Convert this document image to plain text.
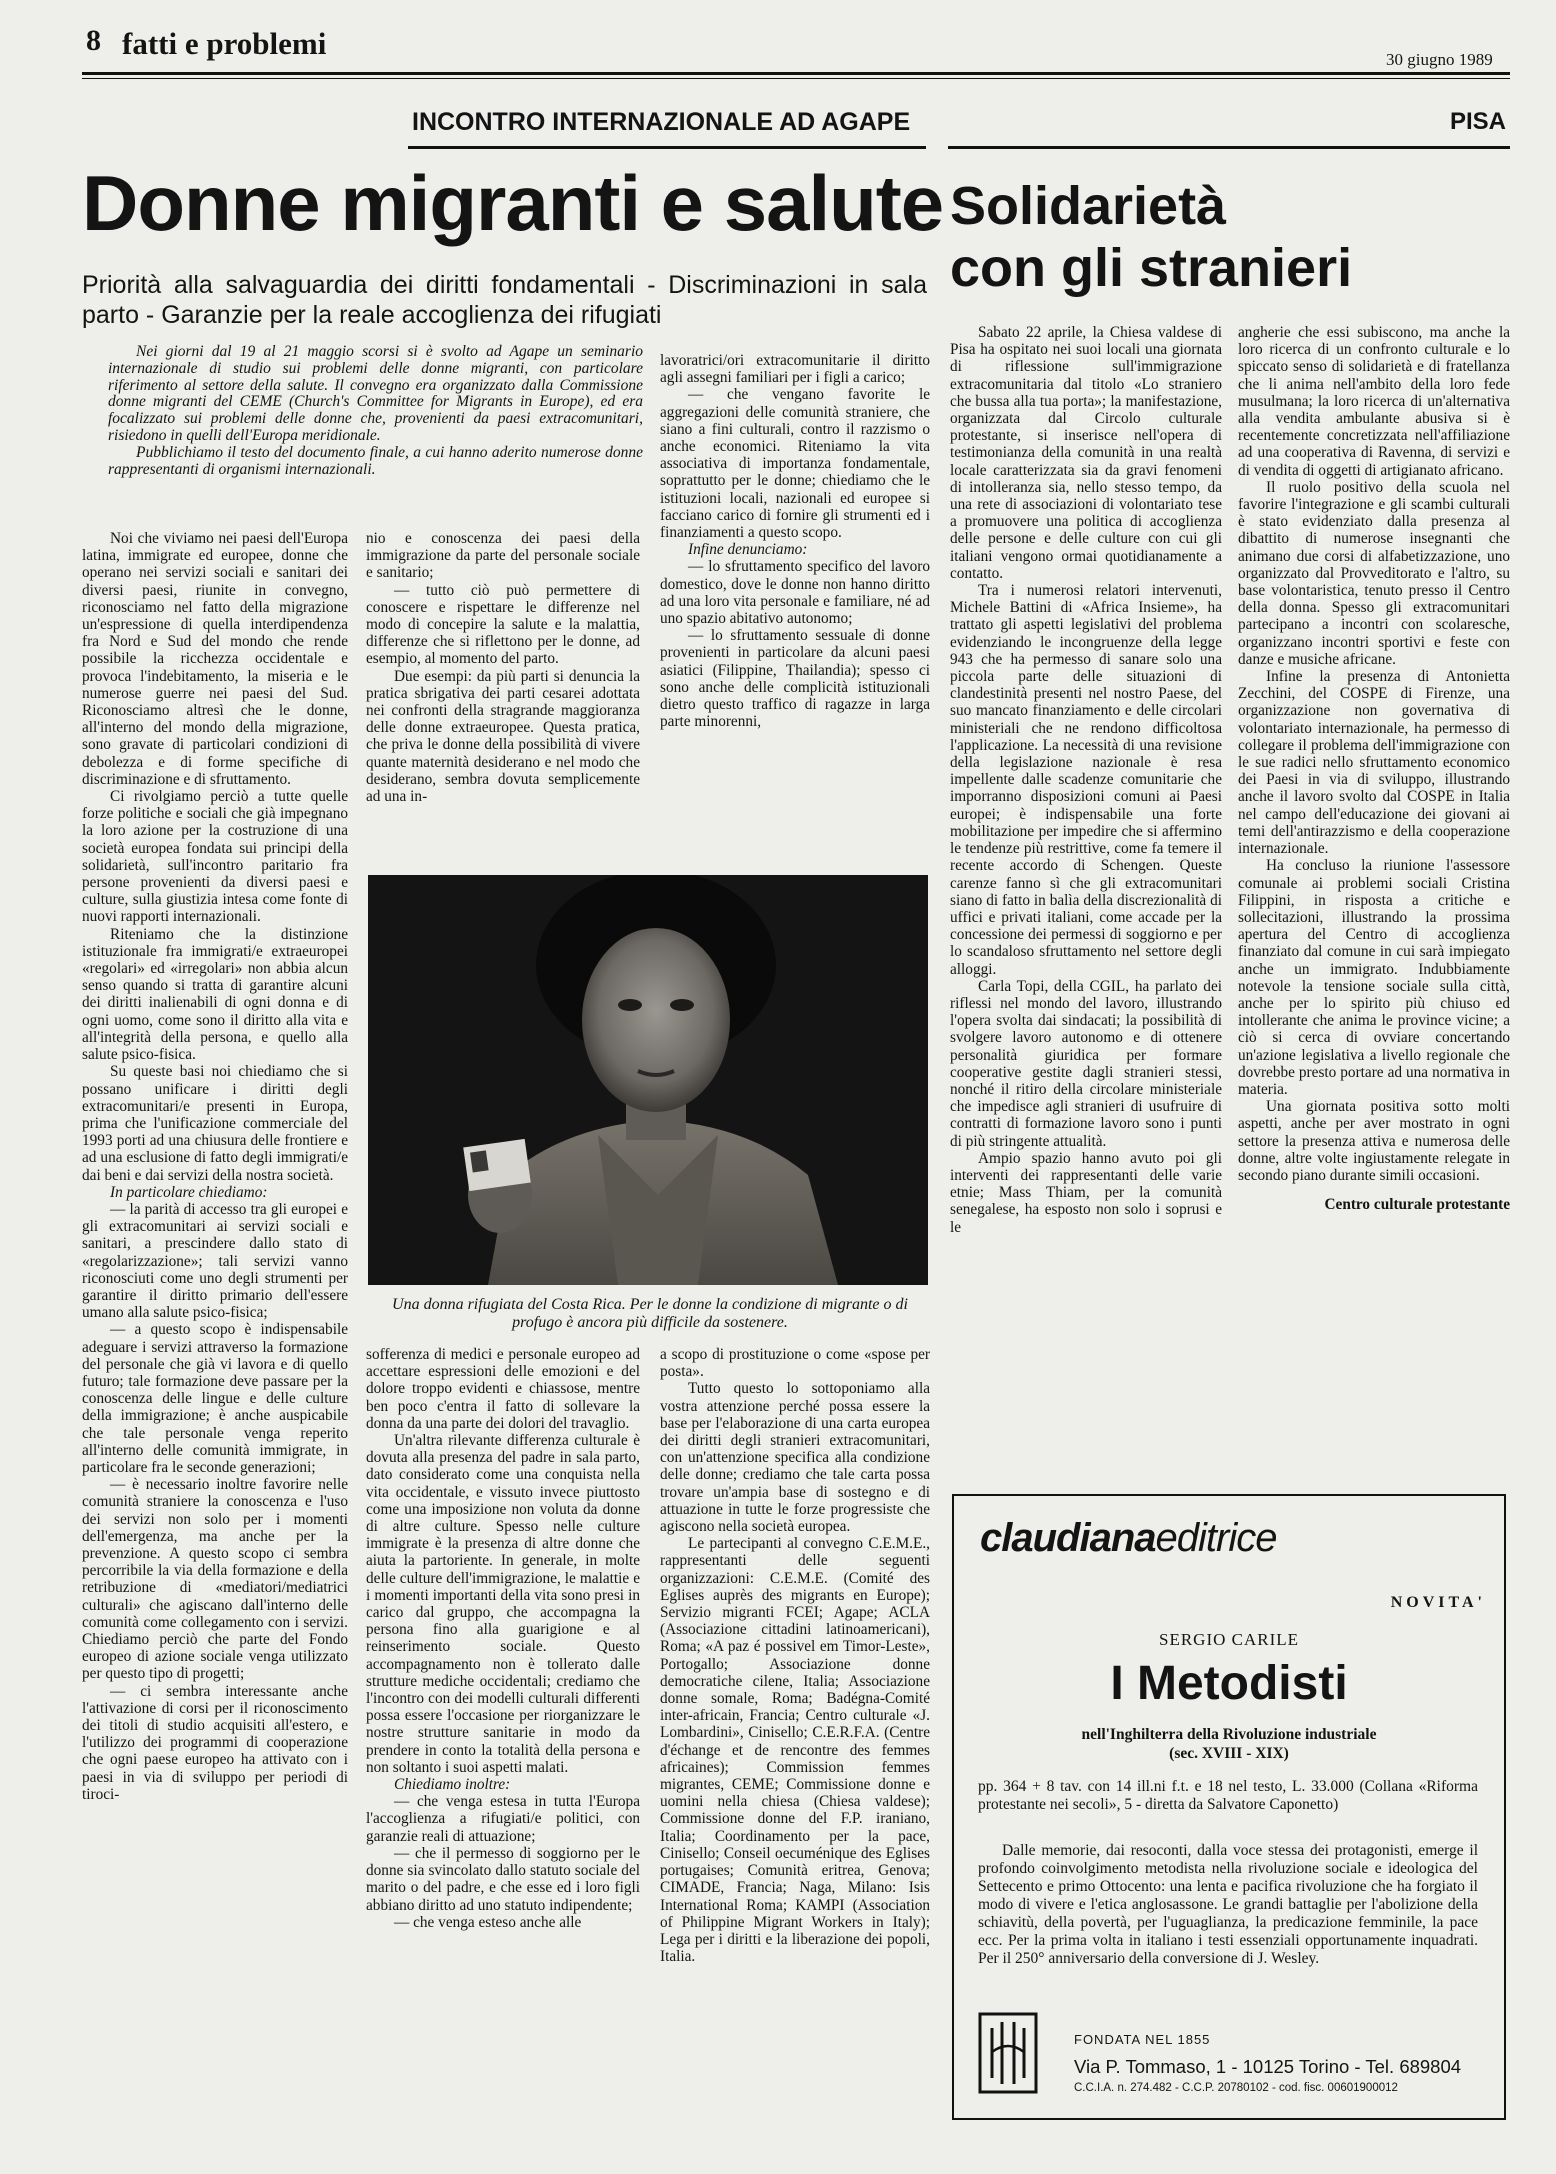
8 fatti e problemi	30 giugno 1989
INCONTRO INTERNAZIONALE AD AGAPE
Donne migranti e salute
Priorità alla salvaguardia dei diritti fondamentali - Discriminazioni in sala parto - Garanzie per la reale accoglienza dei rifugiati

Nei giorni dal 19 al 21 maggio scorsi si è svolto ad Agape un seminario internazionale di studio sui problemi delle donne migranti, con particolare riferimento al settore della salute. Il convegno era organizzato dalla Commissione donne migranti del CEME (Church's Committee for Migrants in Europe), ed era focalizzato sui problemi delle donne che, provenienti da paesi extracomunitari, risiedono in quelli dell'Europa meridionale.

Pubblichiamo il testo del documento finale, a cui hanno aderito numerose donne rappresentanti di organismi internazionali.

Noi che viviamo nei paesi dell'Europa latina, immigrate ed europee, donne che operano nei servizi sociali e sanitari dei diversi paesi, riunite in convegno, riconosciamo nel fatto della migrazione un'espressione di quella interdipendenza fra Nord e Sud del mondo che rende possibile la ricchezza occidentale e provoca l'indebitamento, la miseria e le numerose guerre nei paesi del Sud. Riconosciamo altresì che le donne, all'interno del mondo della migrazione, sono gravate di particolari condizioni di debolezza e di forme specifiche di discriminazione e di sfruttamento.

Ci rivolgiamo perciò a tutte quelle forze politiche e sociali che già impegnano la loro azione per la costruzione di una società europea fondata sui principi della solidarietà, sull'incontro paritario fra persone provenienti da diversi paesi e culture, sulla giustizia intesa come fonte di nuovi rapporti internazionali.

Riteniamo che la distinzione istituzionale fra immigrati/e extraeuropei «regolari» ed «irregolari» non abbia alcun senso quando si tratta di garantire alcuni dei diritti inalienabili di ogni donna e di ogni uomo, come sono il diritto alla vita e all'integrità della persona, e quello alla salute psico-fisica.

Su queste basi noi chiediamo che si possano unificare i diritti degli extracomunitari/e presenti in Europa, prima che l'unificazione commerciale del 1993 porti ad una chiusura delle frontiere e ad una esclusione di fatto degli immigrati/e dai beni e dai servizi della nostra società.

In particolare chiediamo:

— la parità di accesso tra gli europei e gli extracomunitari ai servizi sociali e sanitari, a prescindere dallo stato di «regolarizzazione»; tali servizi vanno riconosciuti come uno degli strumenti per garantire il diritto primario dell'essere umano alla salute psico-fisica;

— a questo scopo è indispensabile adeguare i servizi attraverso la formazione del personale che già vi lavora e di quello futuro; tale formazione deve passare per la conoscenza delle lingue e delle culture della immigrazione; è anche auspicabile che tale personale venga reperito all'interno delle comunità immigrate, in particolare fra le seconde generazioni;

— è necessario inoltre favorire nelle comunità straniere la conoscenza e l'uso dei servizi non solo per i momenti dell'emergenza, ma anche per la prevenzione. A questo scopo ci sembra percorribile la via della formazione e della retribuzione di «mediatori/mediatrici culturali» che agiscano dall'interno delle comunità come collegamento con i servizi. Chiediamo perciò che parte del Fondo europeo di azione sociale venga utilizzato per questo tipo di progetti;

— ci sembra interessante anche l'attivazione di corsi per il riconoscimento dei titoli di studio acquisiti all'estero, e l'utilizzo dei programmi di cooperazione che ogni paese europeo ha attivato con i paesi in via di sviluppo per periodi di tiroci-

nio e conoscenza dei paesi della immigrazione da parte del personale sociale e sanitario;

— tutto ciò può permettere di conoscere e rispettare le differenze nel modo di concepire la salute e la malattia, differenze che si riflettono per le donne, ad esempio, al momento del parto.

Due esempi: da più parti si denuncia la pratica sbrigativa dei parti cesarei adottata nei confronti della stragrande maggioranza delle donne extraeuropee. Questa pratica, che priva le donne della possibilità di vivere quante maternità desiderano e nel modo che desiderano, sembra dovuta semplicemente ad una in-

lavoratrici/ori extracomunitarie il diritto agli assegni familiari per i figli a carico;

— che vengano favorite le aggregazioni delle comunità straniere, che siano a fini culturali, contro il razzismo o anche economici. Riteniamo la vita associativa di importanza fondamentale, soprattutto per le donne; chiediamo che le istituzioni locali, nazionali ed europee si facciano carico di fornire gli strumenti ed i finanziamenti a questo scopo.

Infine denunciamo:

— lo sfruttamento specifico del lavoro domestico, dove le donne non hanno diritto ad una loro vita personale e familiare, né ad uno spazio abitativo autonomo;

— lo sfruttamento sessuale di donne provenienti in particolare da alcuni paesi asiatici (Filippine, Thailandia); spesso ci sono anche delle complicità istituzionali dietro questo traffico di ragazze in larga parte minorenni,

Una donna rifugiata del Costa Rica. Per le donne la condizione di migrante o di profugo è ancora più difficile da sostenere.

sofferenza di medici e personale europeo ad accettare espressioni delle emozioni e del dolore troppo evidenti e chiassose, mentre ben poco c'entra il fatto di sollevare la donna da una parte dei dolori del travaglio.

Un'altra rilevante differenza culturale è dovuta alla presenza del padre in sala parto, dato considerato come una conquista nella vita occidentale, e vissuto invece piuttosto come una imposizione non voluta da donne di altre culture. Spesso nelle culture immigrate è la presenza di altre donne che aiuta la partoriente. In generale, in molte delle culture dell'immigrazione, le malattie e i momenti importanti della vita sono presi in carico dal gruppo, che accompagna la persona fino alla guarigione e al reinserimento sociale. Questo accompagnamento non è tollerato dalle strutture mediche occidentali; crediamo che l'incontro con dei modelli culturali differenti possa essere l'occasione per riorganizzare le nostre strutture sanitarie in modo da prendere in conto la totalità della persona e non soltanto i suoi aspetti malati.

Chiediamo inoltre:

— che venga estesa in tutta l'Europa l'accoglienza a rifugiati/e politici, con garanzie reali di attuazione;

— che il permesso di soggiorno per le donne sia svincolato dallo statuto sociale del marito o del padre, e che esse ed i loro figli abbiano diritto ad uno statuto indipendente;

— che venga esteso anche alle

a scopo di prostituzione o come «spose per posta».

Tutto questo lo sottoponiamo alla vostra attenzione perché possa essere la base per l'elaborazione di una carta europea dei diritti degli stranieri extracomunitari, con un'attenzione specifica alla condizione delle donne; crediamo che tale carta possa trovare un'ampia base di sostegno e di attuazione in tutte le forze progressiste che agiscono nella società europea.

Le partecipanti al convegno C.E.M.E., rappresentanti delle seguenti organizzazioni: C.E.M.E. (Comité des Eglises auprès des migrants en Europe); Servizio migranti FCEI; Agape; ACLA (Associazione cittadini latinoamericani), Roma; «A paz é possivel em Timor-Leste», Portogallo; Associazione donne democratiche cilene, Italia; Associazione donne somale, Roma; Badégna-Comité inter-africain, Francia; Centro culturale «J. Lombardini», Cinisello; C.E.R.F.A. (Centre d'échange et de rencontre des femmes africaines); Commission femmes migrantes, CEME; Commissione donne e uomini nella chiesa (Chiesa valdese); Commissione donne del F.P. iraniano, Italia; Coordinamento per la pace, Cinisello; Conseil oecuménique des Eglises portugaises; Comunità eritrea, Genova; CIMADE, Francia; Naga, Milano: Isis International Roma; KAMPI (Association of Philippine Migrant Workers in Italy); Lega per i diritti e la liberazione dei popoli, Italia.

PISA
Solidarietà
con gli stranieri

Sabato 22 aprile, la Chiesa valdese di Pisa ha ospitato nei suoi locali una giornata di riflessione sull'immigrazione extracomunitaria dal titolo «Lo straniero che bussa alla tua porta»; la manifestazione, organizzata dal Circolo culturale protestante, si inserisce nell'opera di testimonianza della comunità in una realtà locale caratterizzata sia da gravi fenomeni di intolleranza sia, nello stesso tempo, da una rete di associazioni di volontariato tese a promuovere una politica di accoglienza delle persone e delle culture con cui gli italiani vengono ormai quotidianamente a contatto.

Tra i numerosi relatori intervenuti, Michele Battini di «Africa Insieme», ha trattato gli aspetti legislativi del problema evidenziando le incongruenze della legge 943 che ha permesso di sanare solo una piccola parte delle situazioni di clandestinità presenti nel nostro Paese, del suo mancato finanziamento e delle circolari ministeriali che ne rendono difficoltosa l'applicazione. La necessità di una revisione della legislazione nazionale è resa impellente dalle scadenze comunitarie che imporranno disposizioni comuni ai Paesi europei; è indispensabile una forte mobilitazione per impedire che si affermino le tendenze più restrittive, come fa temere il recente accordo di Schengen. Queste carenze fanno sì che gli extracomunitari siano di fatto in balìa della discrezionalità di uffici e privati italiani, come accade per la concessione dei permessi di soggiorno e per lo scandaloso sfruttamento nel settore degli alloggi.

Carla Topi, della CGIL, ha parlato dei riflessi nel mondo del lavoro, illustrando l'opera svolta dai sindacati; la possibilità di svolgere lavoro autonomo e di ottenere personalità giuridica per formare cooperative gestite dagli stranieri stessi, nonché il ritiro della circolare ministeriale che impedisce agli stranieri di usufruire di contratti di formazione lavoro sono i punti di più stringente attualità.

Ampio spazio hanno avuto poi gli interventi dei rappresentanti delle varie etnie; Mass Thiam, per la comunità senegalese, ha esposto non solo i soprusi e le

angherie che essi subiscono, ma anche la loro ricerca di un confronto culturale e lo spiccato senso di solidarietà e di fratellanza che li anima nell'ambito della loro fede musulmana; la loro ricerca di un'alternativa alla vendita ambulante abusiva si è recentemente concretizzata nell'affiliazione ad una cooperativa di Ravenna, di servizi e di vendita di oggetti di artigianato africano.

Il ruolo positivo della scuola nel favorire l'integrazione e gli scambi culturali è stato evidenziato dalla presenza al dibattito di numerose insegnanti che animano due corsi di alfabetizzazione, uno organizzato dal Provveditorato e l'altro, su base volontaristica, tenuto presso il Centro della donna. Spesso gli extracomunitari partecipano a incontri con scolaresche, organizzano incontri sportivi e feste con danze e musiche africane.

Infine la presenza di Antonietta Zecchini, del COSPE di Firenze, una organizzazione non governativa di volontariato internazionale, ha permesso di collegare il problema dell'immigrazione con le sue radici nello sfruttamento economico dei Paesi in via di sviluppo, illustrando anche il lavoro svolto dal COSPE in Italia nel campo dell'educazione dei giovani ai temi dell'antirazzismo e della cooperazione internazionale.

Ha concluso la riunione l'assessore comunale ai problemi sociali Cristina Filippini, in risposta a critiche e sollecitazioni, illustrando la prossima apertura del Centro di accoglienza finanziato dal comune in cui sarà impiegato anche un immigrato. Indubbiamente notevole la tensione sociale sulla città, anche per lo spirito più chiuso ed intollerante che anima le province vicine; a ciò si cerca di ovviare concertando un'azione legislativa a livello regionale che dovrebbe presto portare ad una normativa in materia.

Una giornata positiva sotto molti aspetti, anche per aver mostrato in ogni settore la presenza attiva e numerosa delle donne, altre volte ingiustamente relegate in secondo piano durante simili occasioni.

Centro culturale protestante

claudianaeditrice
NOVITA'
SERGIO CARILE
I Metodisti
nell'Inghilterra della Rivoluzione industriale
(sec. XVIII - XIX)
pp. 364 + 8 tav. con 14 ill.ni f.t. e 18 nel testo, L. 33.000 (Collana «Riforma protestante nei secoli», 5 - diretta da Salvatore Caponetto)
Dalle memorie, dai resoconti, dalla voce stessa dei protagonisti, emerge il profondo coinvolgimento metodista nella rivoluzione sociale e ideologica del Settecento e primo Ottocento: una lenta e pacifica rivoluzione che ha forgiato il modo di vivere e l'etica anglosassone. Le grandi battaglie per l'abolizione della schiavitù, della povertà, per l'uguaglianza, la predicazione femminile, la pace ecc. Per la prima volta in italiano i testi essenziali opportunamente inquadrati. Per il 250° anniversario della conversione di J. Wesley.
FONDATA NEL 1855
Via P. Tommaso, 1 - 10125 Torino - Tel. 689804
C.C.I.A. n. 274.482 - C.C.P. 20780102 - cod. fisc. 00601900012
